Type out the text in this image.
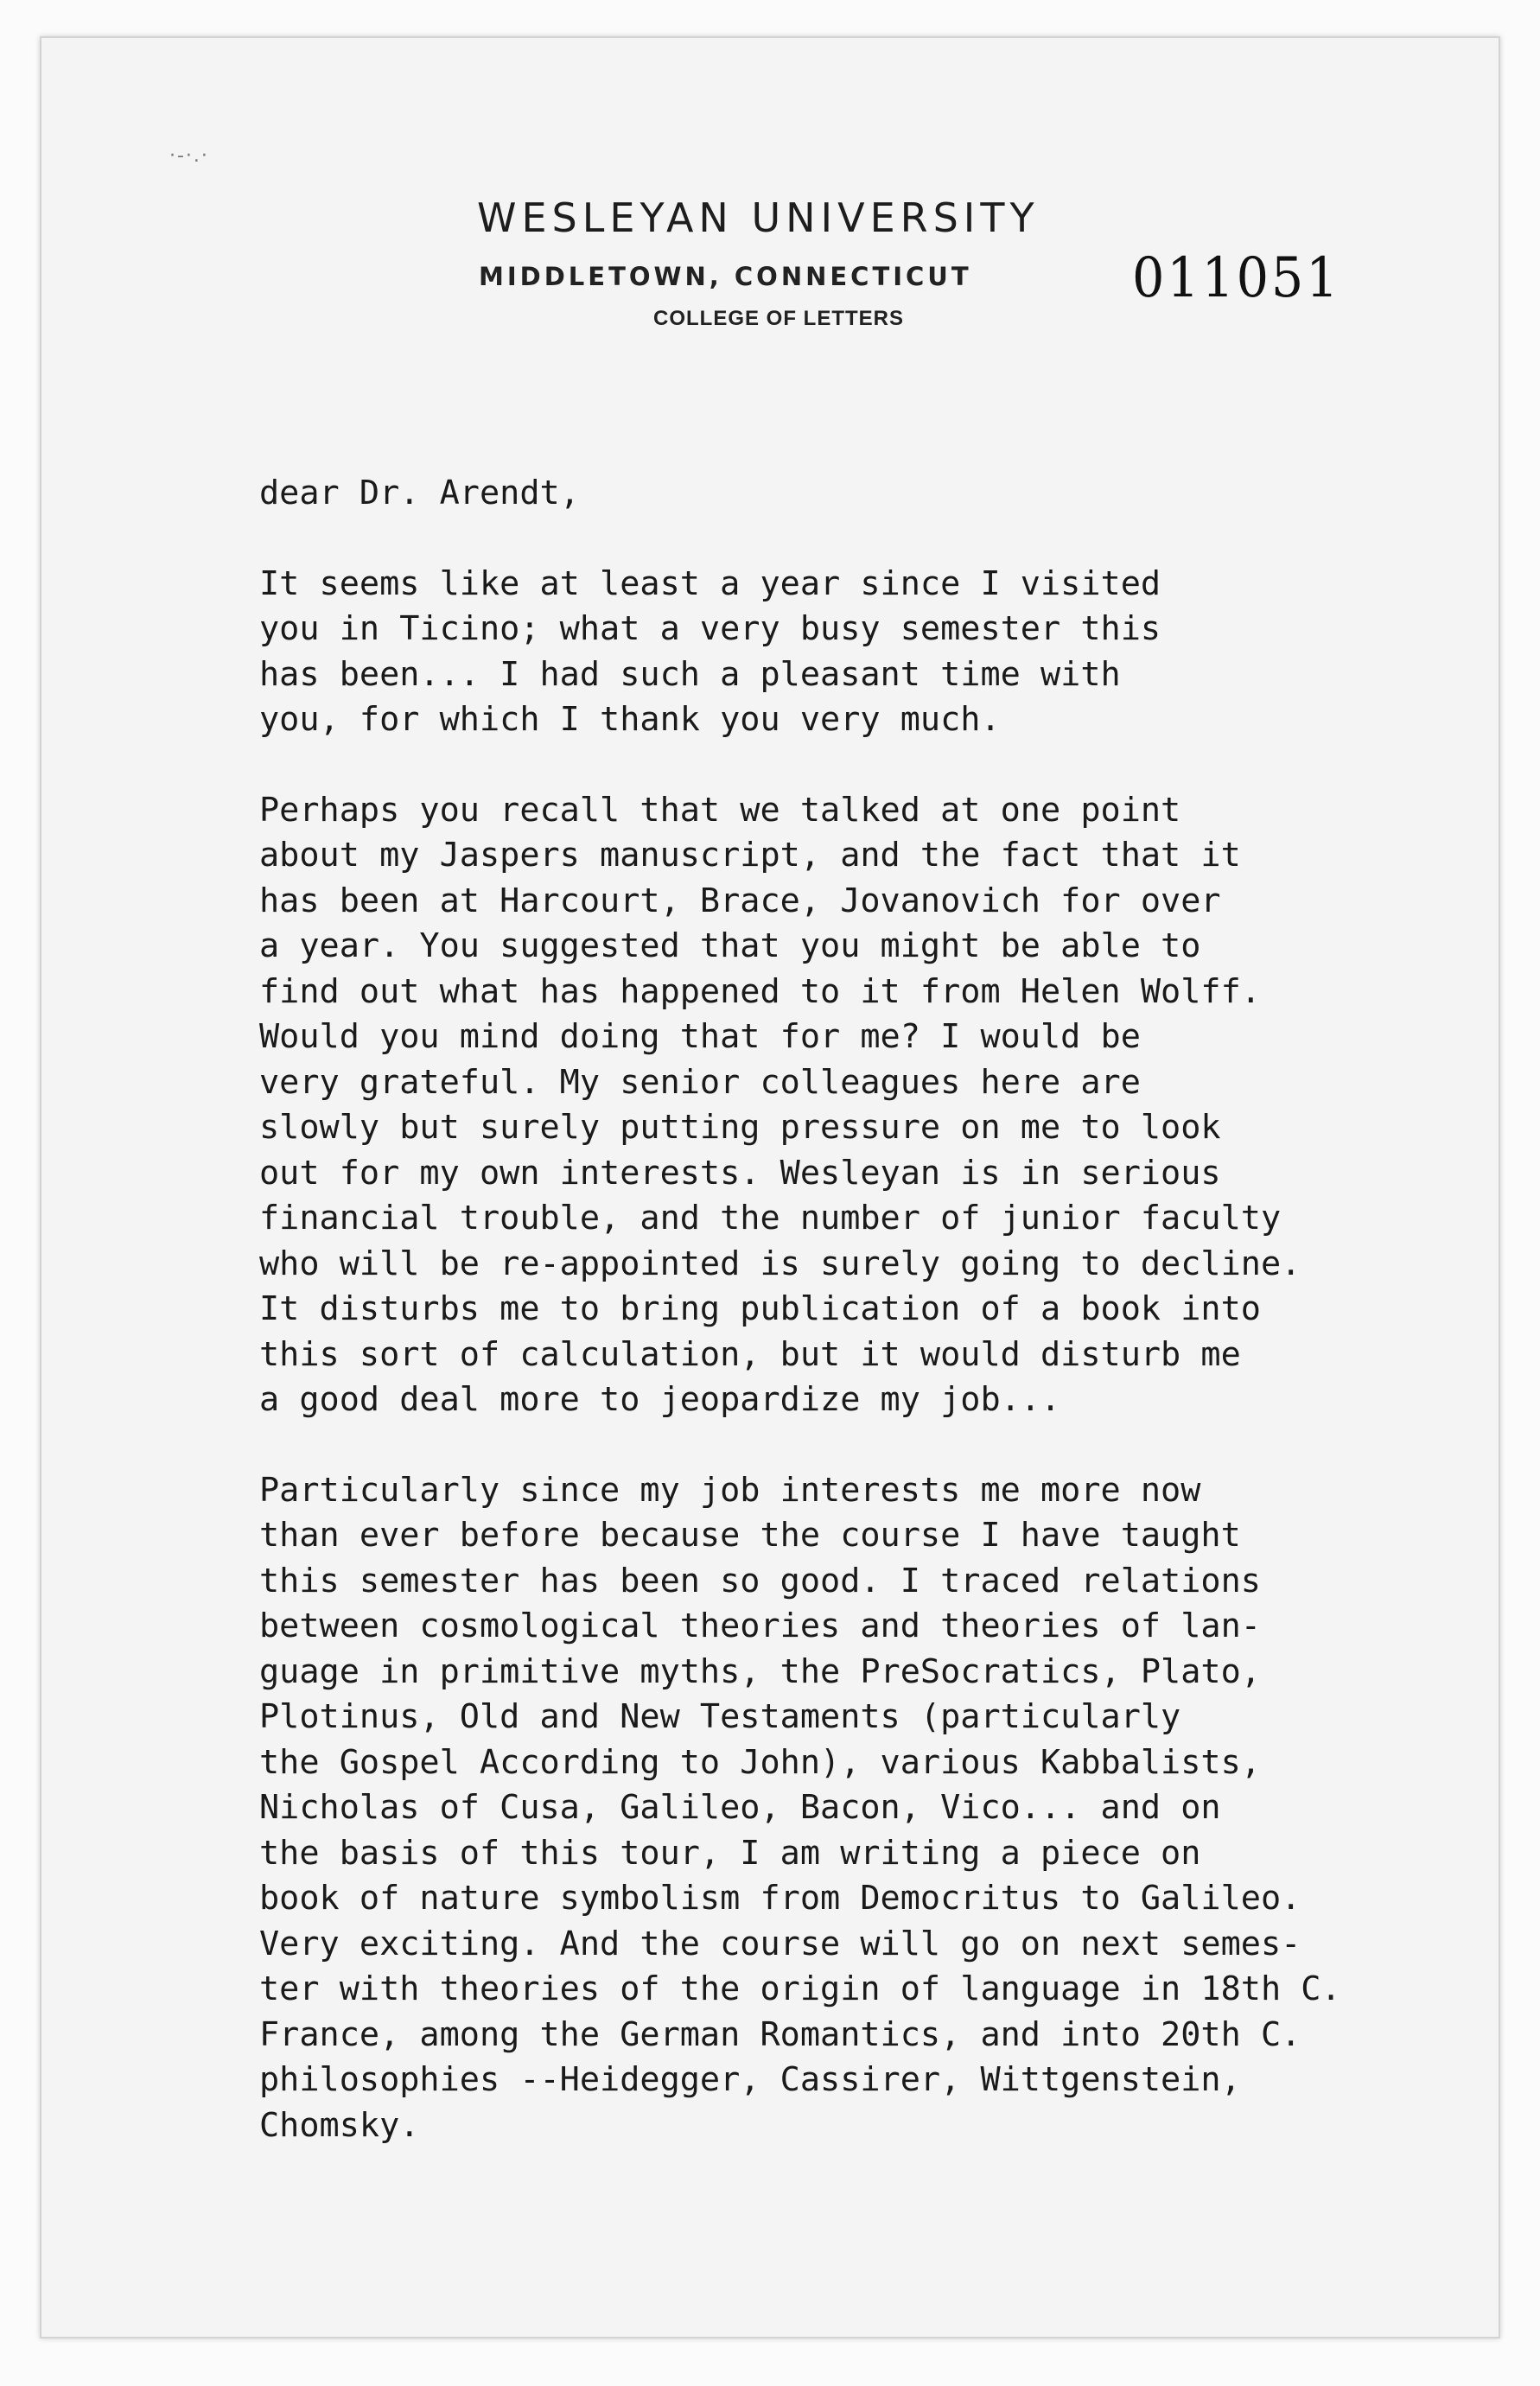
·-·.·
WESLEYAN UNIVERSITY
MIDDLETOWN, CONNECTICUT
COLLEGE OF LETTERS
011051
dear Dr. Arendt,
It seems like at least a year since I visited
you in Ticino; what a very busy semester this
has been... I had such a pleasant time with
you, for which I thank you very much.
Perhaps you recall that we talked at one point
about my Jaspers manuscript, and the fact that it
has been at Harcourt, Brace, Jovanovich for over
a year. You suggested that you might be able to
find out what has happened to it from Helen Wolff.
Would you mind doing that for me? I would be
very grateful. My senior colleagues here are
slowly but surely putting pressure on me to look
out for my own interests. Wesleyan is in serious
financial trouble, and the number of junior faculty
who will be re-appointed is surely going to decline.
It disturbs me to bring publication of a book into
this sort of calculation, but it would disturb me
a good deal more to jeopardize my job...
Particularly since my job interests me more now
than ever before because the course I have taught
this semester has been so good. I traced relations
between cosmological theories and theories of lan-
guage in primitive myths, the PreSocratics, Plato,
Plotinus, Old and New Testaments (particularly
the Gospel According to John), various Kabbalists,
Nicholas of Cusa, Galileo, Bacon, Vico... and on
the basis of this tour, I am writing a piece on
book of nature symbolism from Democritus to Galileo.
Very exciting. And the course will go on next semes-
ter with theories of the origin of language in 18th C.
France, among the German Romantics, and into 20th C.
philosophies --Heidegger, Cassirer, Wittgenstein,
Chomsky.
